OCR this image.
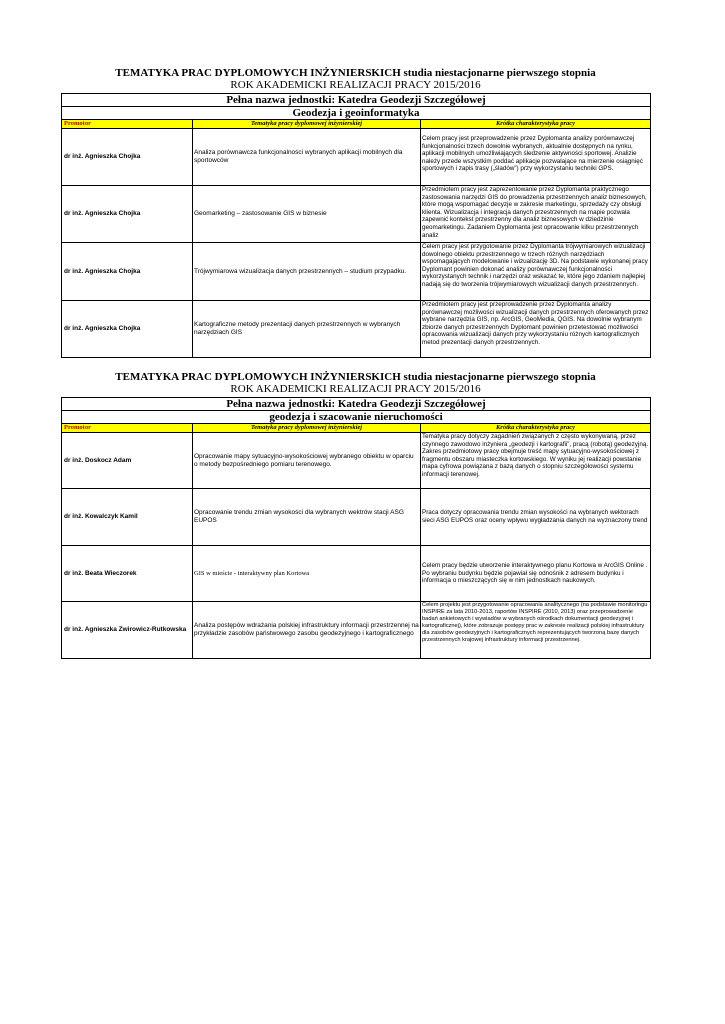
TEMATYKA PRAC DYPLOMOWYCH INŻYNIERSKICH studia niestacjonarne pierwszego stopnia
ROK AKADEMICKI REALIZACJI PRACY 2015/2016
Pełna nazwa jednostki: Katedra Geodezji Szczegółowej		
Geodezja i geoinformatyka		
Promotor	Tematyka pracy dyplomowej inżynierskiej	Krótka charakterystyka pracy
dr inż. Agnieszka Chojka	Analiza porównawcza funkcjonalności wybranych aplikacji mobilnych dla sportowców	Celem pracy jest przeprowadzenie przez Dyplomanta analizy porównawczej funkcjonalności trzech dowolnie wybranych, aktualnie dostępnych na rynku, aplikacji mobilnych umożliwiających śledzenie aktywności sportowej. Analizie należy przede wszystkim poddać aplikacje pozwalające na mierzenie osiągnięć sportowych i zapis trasy („śladów”) przy wykorzystaniu techniki GPS.
dr inż. Agnieszka Chojka	Geomarketing – zastosowanie GIS w biznesie	Przedmiotem pracy jest zaprezentowanie przez Dyplomanta praktycznego zastosowania narzędzi GIS do prowadzenia przestrzennych analiz biznesowych, które mogą wspomagać decyzje w zakresie marketingu, sprzedaży czy obsługi klienta. Wizualizacja i integracja danych przestrzennych na mapie pozwala zapewnić kontekst przestrzenny dla analiz biznesowych w dziedzinie geomarketingu. Zadaniem Dyplomanta jest opracowanie kilku przestrzennych analiz
dr inż. Agnieszka Chojka	Trójwymiarowa wizualizacja danych przestrzennych – studium przypadku.	Celem pracy jest przygotowanie przez Dyplomanta trójwymiarowych wizualizacji dowolnego obiektu przestrzennego w trzech różnych narzędziach wspomagających modelowanie i wizualizację 3D. Na podstawie wykonanej pracy Dyplomant powinien dokonać analizy porównawczej funkcjonalności wykorzystanych technik i narzędzi oraz wskazać te, które jego zdaniem najlepiej nadają się do tworzenia trójwymiarowych wizualizacji danych przestrzennych.
dr inż. Agnieszka Chojka	Kartograficzne metody prezentacji danych przestrzennych w wybranych narzędziach GIS	Przedmiotem pracy jest przeprowadzenie przez Dyplomanta analizy porównawczej możliwości wizualizacji danych przestrzennych oferowanych przez wybrane narzędzia GIS, np. ArcGIS, GeoMedia, QGIS. Na dowolnie wybranym zbiorze danych przestrzennych Dyplomant powinien przetestować możliwości opracowania wizualizacji danych przy wykorzystaniu różnych kartograficznych metod prezentacji danych przestrzennych.
TEMATYKA PRAC DYPLOMOWYCH INŻYNIERSKICH studia niestacjonarne pierwszego stopnia
ROK AKADEMICKI REALIZACJI PRACY 2015/2016
Pełna nazwa jednostki: Katedra Geodezji Szczegółowej		
geodezja i szacowanie nieruchomości		
Promotor	Tematyka pracy dyplomowej inżynierskiej	Krótka charakterystyka pracy
dr inż. Doskocz Adam	Opracowanie mapy sytuacyjno-wysokościowej wybranego obiektu w oparciu o metody bezpośredniego pomiaru terenowego.	Tematyka pracy dotyczy zagadnień związanych z często wykonywaną, przez czynnego zawodowo inżyniera „geodezji i kartografii”, pracą (robotą) geodezyjną. Zakres przedmiotowy pracy obejmuje treść mapy sytuacyjno-wysokościowej z fragmentu obszaru miasteczka kortowskiego. W wyniku jej realizacji powstanie mapa cyfrowa powiązana z bazą danych o stopniu szczegółowości systemu informacji terenowej.
dr inż. Kowalczyk Kamil	Opracowanie trendu zmian wysokości dla wybranych wektrów stacji ASG EUPOS	Praca dotyczy opracowania trendu zmian wysokości na wybranych wektorach sieci ASG EUPOS oraz oceny wpływu wygładzania danych na wyznaczony trend
dr inż. Beata Wieczorek	GIS w mieście - interaktywny plan Kortowa	Celem pracy będzie utworzenie interaktywnego planu Kortowa w ArcGIS Online . Po wybraniu budynku będzie pojawiał się odnośnik z adresem budynku i informacja o mieszczących się w nim jednostkach naukowych.
dr inż. Agnieszka Zwirowicz-Rutkowska	Analiza postępów wdrażania polskiej infrastruktury informacji przestrzennej na przykładzie zasobów państwowego zasobu geodezyjnego i kartograficznego	Celem projektu jest przygotowanie opracowania analitycznego (na podstawie monitoringu INSPIRE za lata 2010-2013, raportów INSPIRE (2010, 2013) oraz przeprowadzenie badań ankietowych i wywiadów w wybranych ośrodkach dokumentacji geodezyjnej i kartograficznej), które zobrazuje postępy prac w zakresie realizacji polskiej infrastruktury dla zasobów geodezyjnych i kartograficznych reprezentujących tworzoną bazę danych przestrzennych krajowej infrastruktury informacji przestrzennej.
